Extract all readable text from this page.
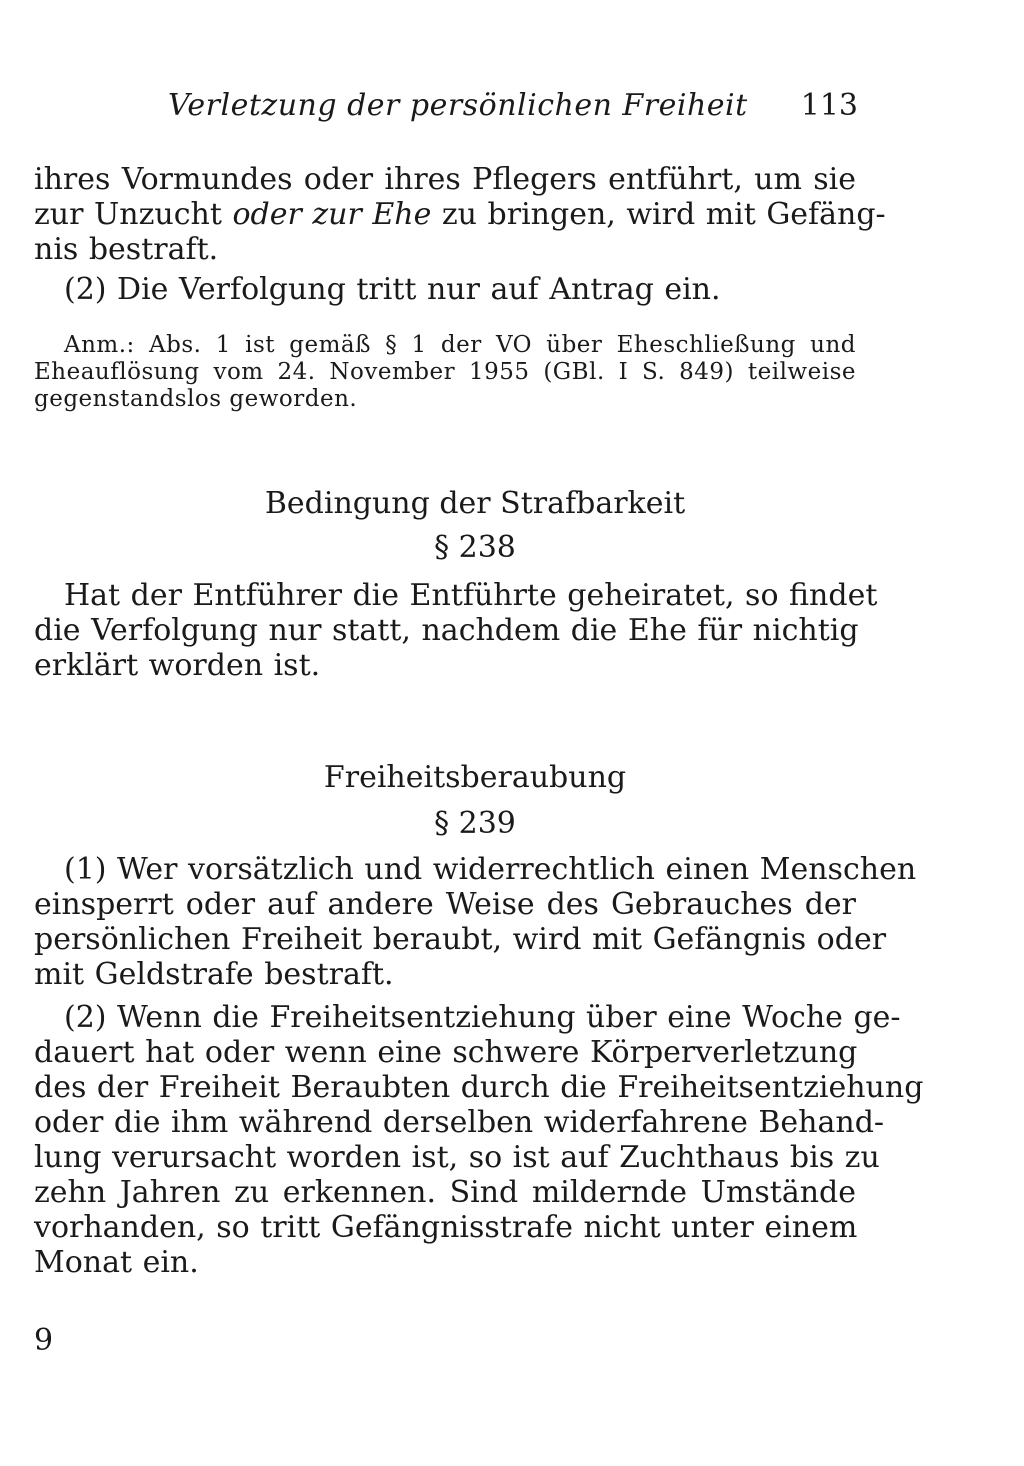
Verletzung der persönlichen Freiheit 113

ihres Vormundes oder ihres Pflegers entführt, um sie
zur Unzucht oder zur Ehe zu bringen, wird mit Gefäng-
nis bestraft.

(2) Die Verfolgung tritt nur auf Antrag ein.

Anm.: Abs. 1 ist gemäß § 1 der VO über Eheschließung und

Eheauflösung vom 24. November 1955 (GBl. I S. 849) teilweise
gegenstandslos geworden.

Bedingung der Strafbarkeit
§ 238

Hat der Entführer die Entführte geheiratet, so findet

die Verfolgung nur statt, nachdem die Ehe für nichtig
erklärt worden ist.

Freiheitsberaubung
§ 239

(1) Wer vorsätzlich und widerrechtlich einen Menschen

einsperrt oder auf andere Weise des Gebrauches der
persönlichen Freiheit beraubt, wird mit Gefängnis oder
mit Geldstrafe bestraft.

(2) Wenn die Freiheitsentziehung über eine Woche ge-

dauert hat oder wenn eine schwere Körperverletzung
des der Freiheit Beraubten durch die Freiheitsentziehung
oder die ihm während derselben widerfahrene Behand-
lung verursacht worden ist, so ist auf Zuchthaus bis zu
zehn Jahren zu erkennen. Sind mildernde Umstände
vorhanden, so tritt Gefängnisstrafe nicht unter einem
Monat ein.

9
